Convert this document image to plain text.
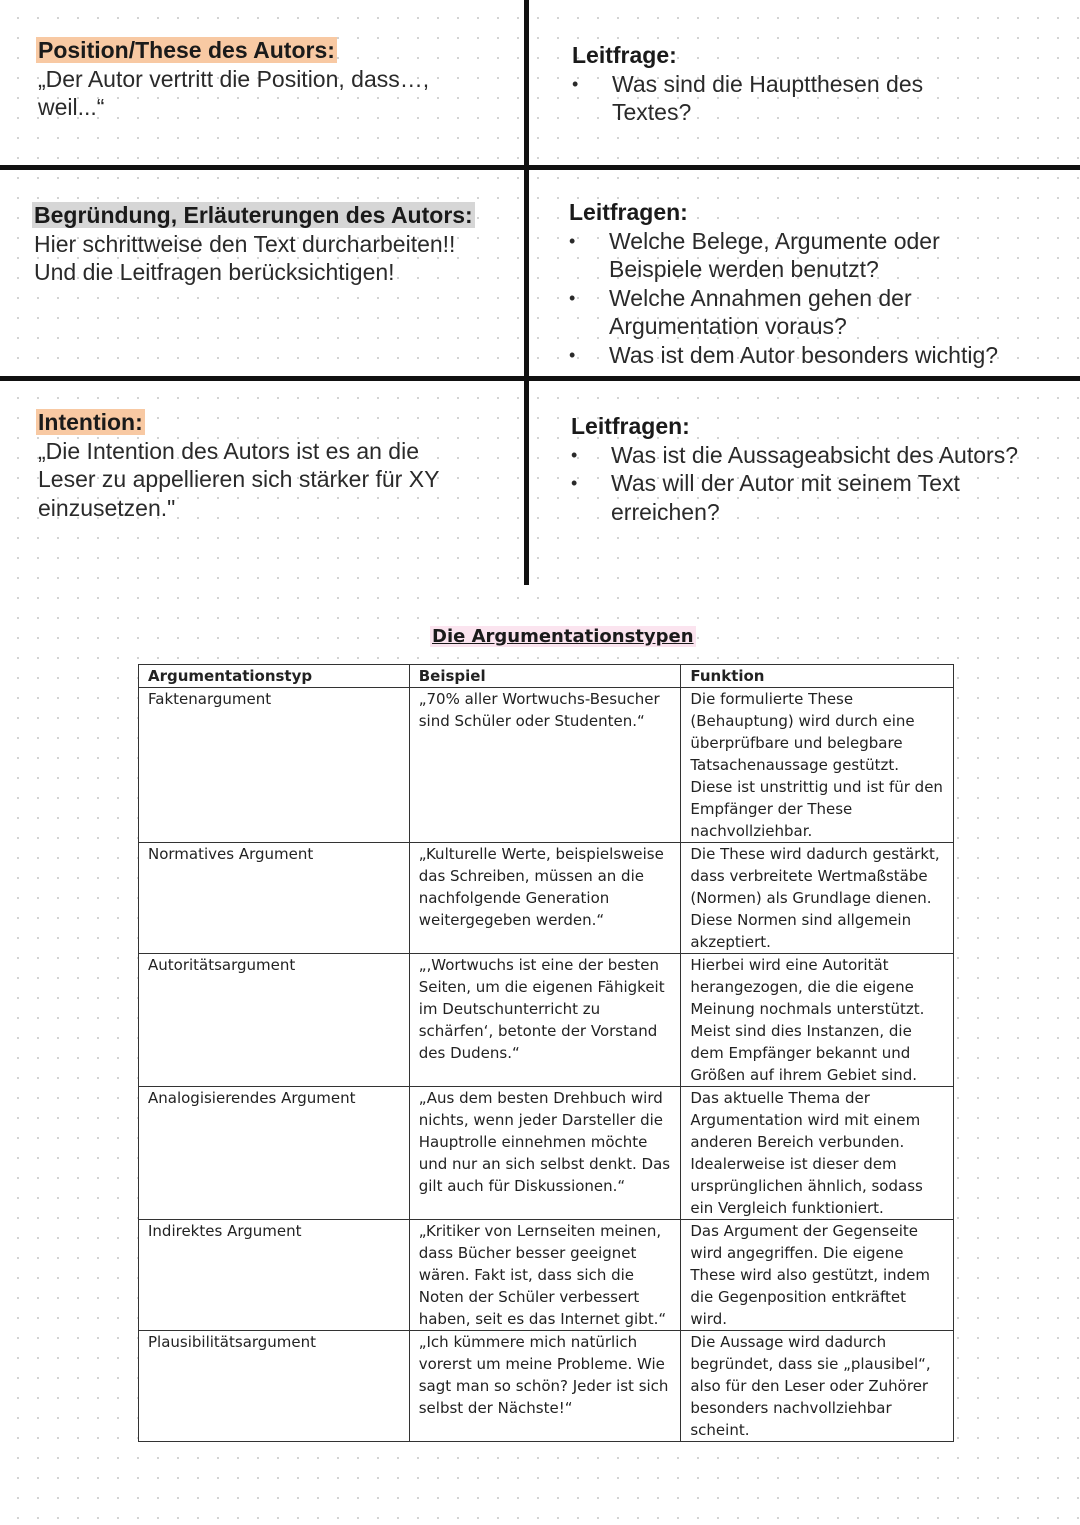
Position/These des Autors:
„Der Autor vertritt die Position, dass…, weil...“
Leitfrage:
• Was sind die Hauptthesen des Textes?
Begründung, Erläuterungen des Autors:
Hier schrittweise den Text durcharbeiten!!
Und die Leitfragen berücksichtigen!
Leitfragen:
• Welche Belege, Argumente oder Beispiele werden benutzt?
• Welche Annahmen gehen der Argumentation voraus?
• Was ist dem Autor besonders wichtig?
Intention:
„Die Intention des Autors ist es an die Leser zu appellieren sich stärker für XY einzusetzen."
Leitfragen:
• Was ist die Aussageabsicht des Autors?
• Was will der Autor mit seinem Text erreichen?
Die Argumentationstypen
Argumentationstyp	Beispiel	Funktion
Faktenargument	„70% aller Wortwuchs-Besucher sind Schüler oder Studenten.“	Die formulierte These (Behauptung) wird durch eine überprüfbare und belegbare Tatsachenaussage gestützt. Diese ist unstrittig und ist für den Empfänger der These nachvollziehbar.
Normatives Argument	„Kulturelle Werte, beispielsweise das Schreiben, müssen an die nachfolgende Generation weitergegeben werden.“	Die These wird dadurch gestärkt, dass verbreitete Wertmaßstäbe (Normen) als Grundlage dienen. Diese Normen sind allgemein akzeptiert.
Autoritätsargument	„‚Wortwuchs ist eine der besten Seiten, um die eigenen Fähigkeit im Deutschunterricht zu schärfen‘, betonte der Vorstand des Dudens.“	Hierbei wird eine Autorität herangezogen, die die eigene Meinung nochmals unterstützt. Meist sind dies Instanzen, die dem Empfänger bekannt und Größen auf ihrem Gebiet sind.
Analogisierendes Argument	„Aus dem besten Drehbuch wird nichts, wenn jeder Darsteller die Hauptrolle einnehmen möchte und nur an sich selbst denkt. Das gilt auch für Diskussionen.“	Das aktuelle Thema der Argumentation wird mit einem anderen Bereich verbunden. Idealerweise ist dieser dem ursprünglichen ähnlich, sodass ein Vergleich funktioniert.
Indirektes Argument	„Kritiker von Lernseiten meinen, dass Bücher besser geeignet wären. Fakt ist, dass sich die Noten der Schüler verbessert haben, seit es das Internet gibt.“	Das Argument der Gegenseite wird angegriffen. Die eigene These wird also gestützt, indem die Gegenposition entkräftet wird.
Plausibilitätsargument	„Ich kümmere mich natürlich vorerst um meine Probleme. Wie sagt man so schön? Jeder ist sich selbst der Nächste!“	Die Aussage wird dadurch begründet, dass sie „plausibel“, also für den Leser oder Zuhörer besonders nachvollziehbar scheint.
